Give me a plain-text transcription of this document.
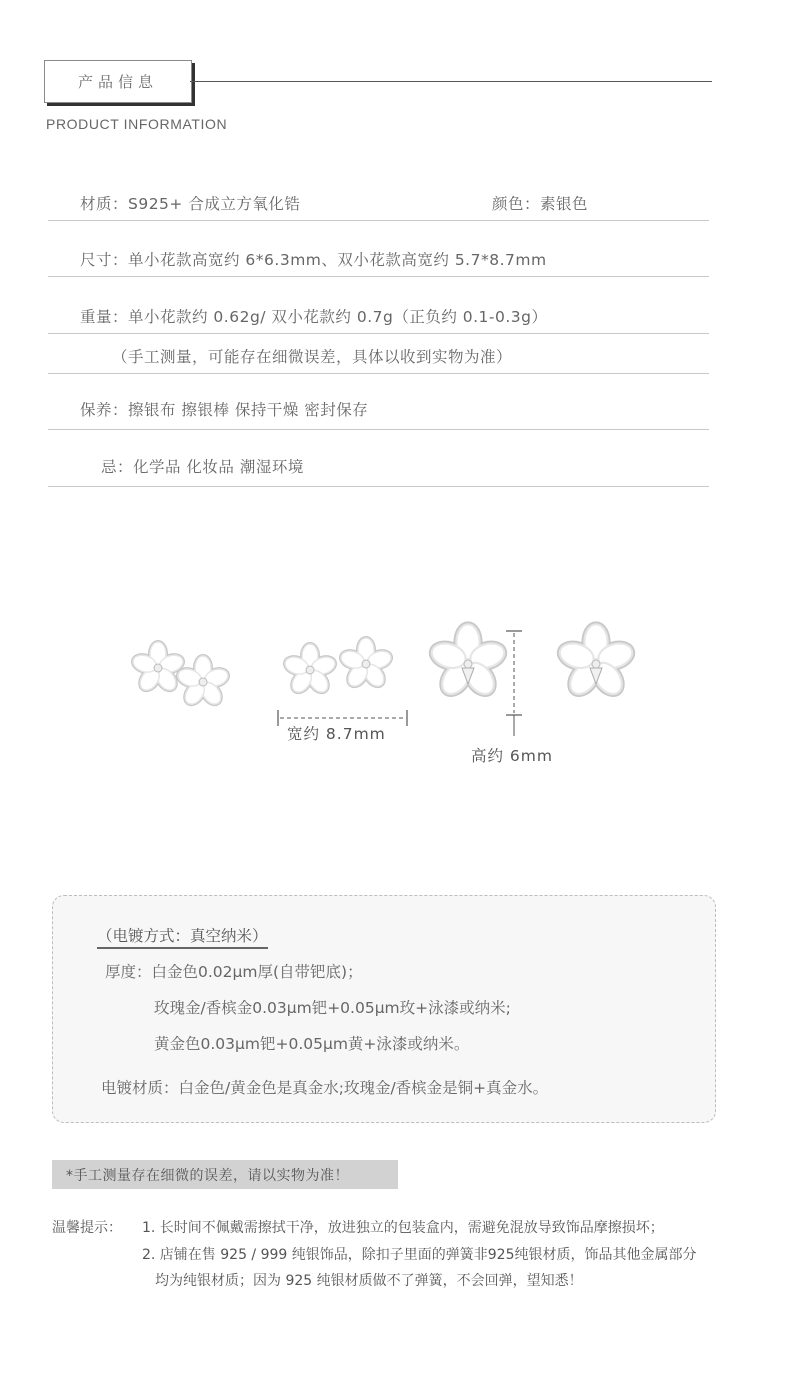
产品信息
PRODUCT INFORMATION
材质：S925+ 合成立方氧化锆	颜色：素银色
尺寸：单小花款高宽约 6*6.3mm、双小花款高宽约 5.7*8.7mm
重量：单小花款约 0.62g/ 双小花款约 0.7g（正负约 0.1-0.3g）
（手工测量，可能存在细微误差，具体以收到实物为准）
保养：擦银布 擦银棒 保持干燥 密封保存
忌：化学品 化妆品 潮湿环境
宽约 8.7mm
高约 6mm
（电镀方式：真空纳米）
厚度：白金色0.02μm厚(自带钯底)；
玫瑰金/香槟金0.03μm钯+0.05μm玫+泳漆或纳米;
黄金色0.03μm钯+0.05μm黄+泳漆或纳米。
电镀材质：白金色/黄金色是真金水;玫瑰金/香槟金是铜+真金水。
*手工测量存在细微的误差，请以实物为准！
温馨提示： 1. 长时间不佩戴需擦拭干净，放进独立的包装盒内，需避免混放导致饰品摩擦损坏；
2. 店铺在售 925 / 999 纯银饰品，除扣子里面的弹簧非925纯银材质，饰品其他金属部分
均为纯银材质；因为 925 纯银材质做不了弹簧，不会回弹，望知悉！
